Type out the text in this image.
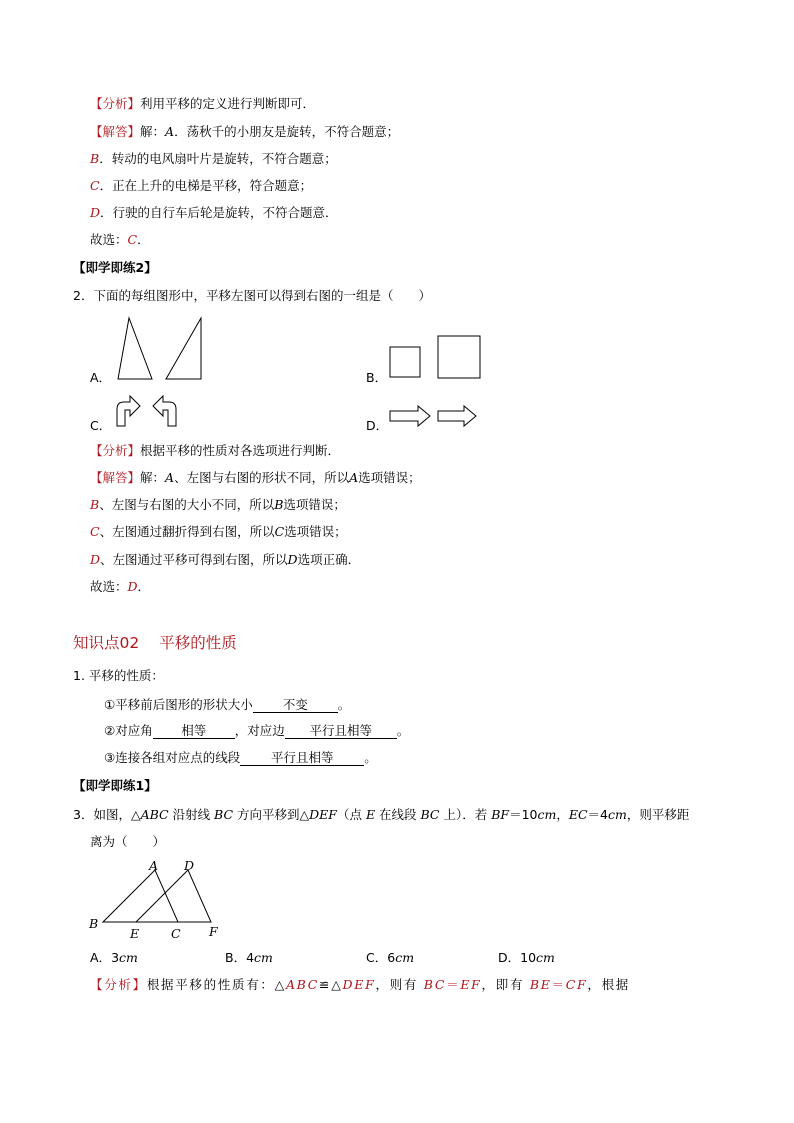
【分析】利用平移的定义进行判断即可．
【解答】解：A．荡秋千的小朋友是旋转，不符合题意；
B．转动的电风扇叶片是旋转，不符合题意；
C．正在上升的电梯是平移，符合题意；
D．行驶的自行车后轮是旋转，不符合题意．
故选：C．
【即学即练2】
2．下面的每组图形中，平移左图可以得到右图的一组是（　　）
A．	B．
C．	D．
【分析】根据平移的性质对各选项进行判断．
【解答】解：A、左图与右图的形状不同，所以A选项错误；
B、左图与右图的大小不同，所以B选项错误；
C、左图通过翻折得到右图，所以C选项错误；
D、左图通过平移可得到右图，所以D选项正确．
故选：D．
知识点02 平移的性质
1. 平移的性质：
①平移前后图形的形状大小 不变 。
②对应角 相等 ，对应边 平行且相等 。
③连接各组对应点的线段 平行且相等 。
【即学即练1】
3．如图，△ABC 沿射线 BC 方向平移到△DEF（点 E 在线段 BC 上）．若 BF＝10cm，EC＝4cm，则平移距
离为（　　）
A D
B
E	C F
A．3cm	B．4cm	C．6cm	D．10cm
【分析】根据平移的性质有：△ABC≌△DEF，则有 BC＝EF，即有 BE＝CF，根据
